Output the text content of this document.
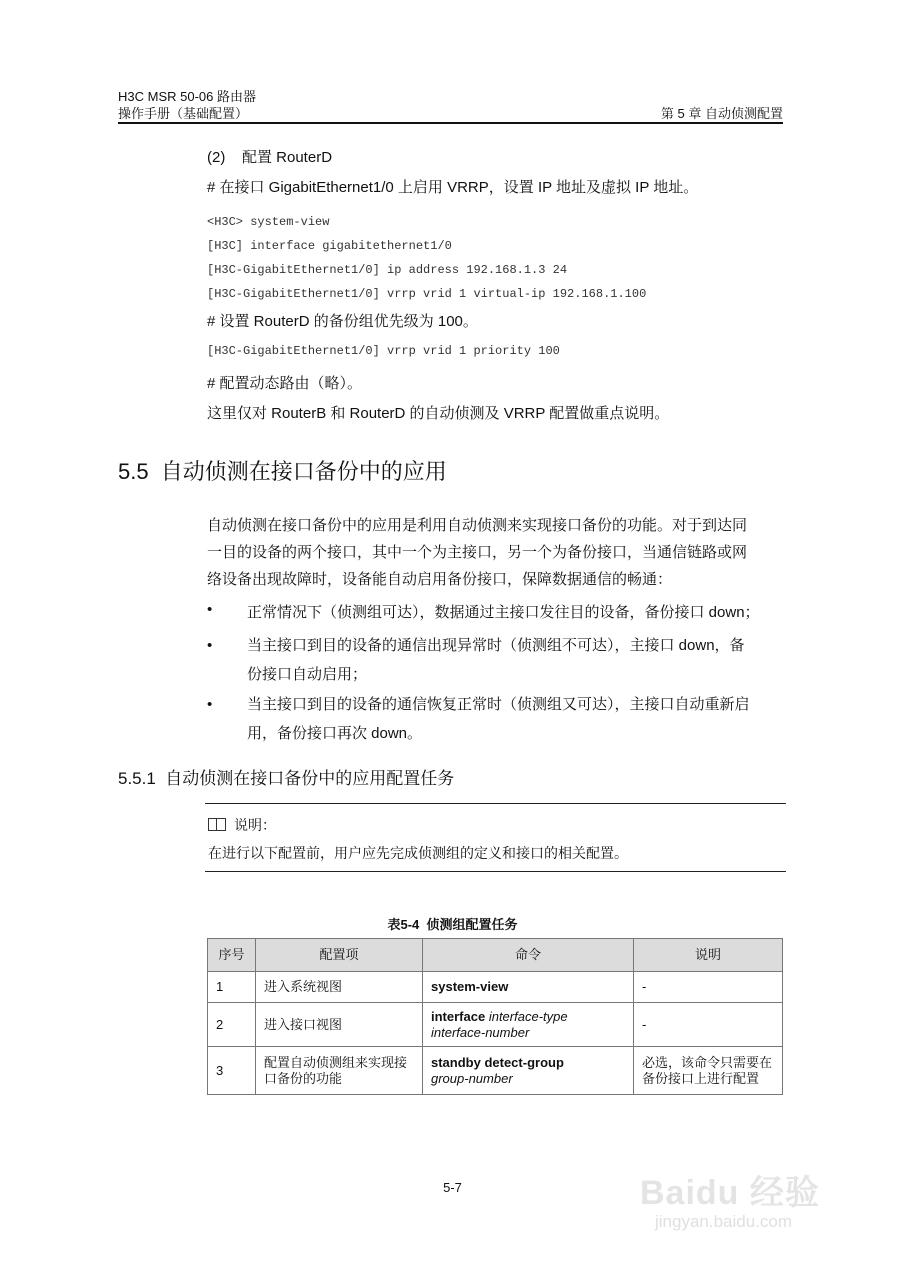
H3C MSR 50-06 路由器
操作手册（基础配置）	第 5 章 自动侦测配置
(2)    配置 RouterD
# 在接口 GigabitEthernet1/0 上启用 VRRP，设置 IP 地址及虚拟 IP 地址。
<H3C> system-view
[H3C] interface gigabitethernet1/0
[H3C-GigabitEthernet1/0] ip address 192.168.1.3 24
[H3C-GigabitEthernet1/0] vrrp vrid 1 virtual-ip 192.168.1.100
# 设置 RouterD 的备份组优先级为 100。
[H3C-GigabitEthernet1/0] vrrp vrid 1 priority 100
# 配置动态路由（略）。
这里仅对 RouterB 和 RouterD 的自动侦测及 VRRP 配置做重点说明。
5.5  自动侦测在接口备份中的应用
自动侦测在接口备份中的应用是利用自动侦测来实现接口备份的功能。对于到达同
一目的设备的两个接口，其中一个为主接口，另一个为备份接口，当通信链路或网
络设备出现故障时，设备能自动启用备份接口，保障数据通信的畅通：
• 正常情况下（侦测组可达），数据通过主接口发往目的设备，备份接口 down；
• 当主接口到目的设备的通信出现异常时（侦测组不可达），主接口 down，备
份接口自动启用；
• 当主接口到目的设备的通信恢复正常时（侦测组又可达），主接口自动重新启
用，备份接口再次 down。
5.5.1  自动侦测在接口备份中的应用配置任务
说明：
在进行以下配置前，用户应先完成侦测组的定义和接口的相关配置。
表5-4  侦测组配置任务
序号	配置项	命令	说明
1	进入系统视图	system-view	-
2	进入接口视图	interface interface-type interface-number	-
3	配置自动侦测组来实现接口备份的功能	standby detect-group
group-number	必选，该命令只需要在备份接口上进行配置
5-7	Baidu 经验
jingyan.baidu.com
